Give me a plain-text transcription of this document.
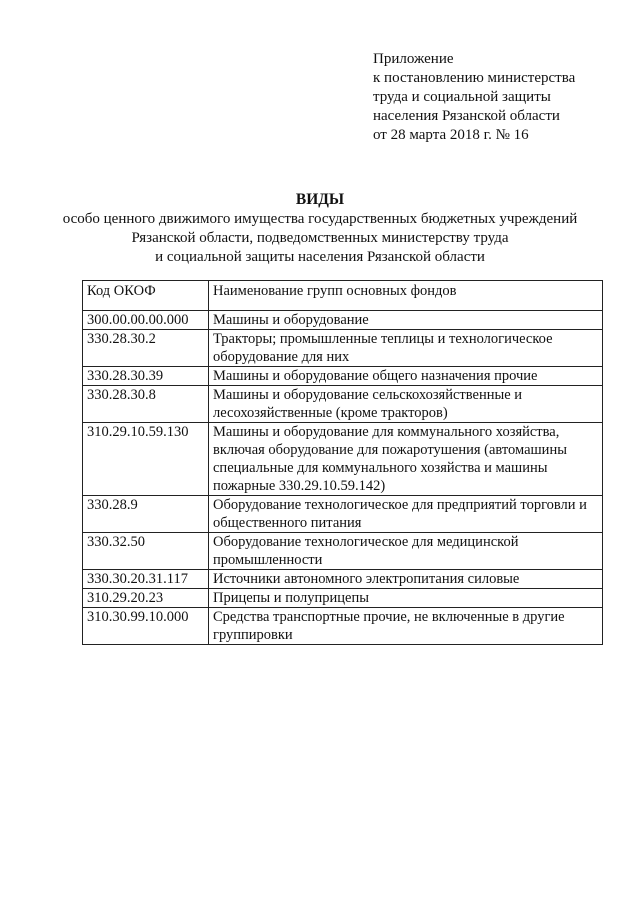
Приложение
к постановлению министерства
труда и социальной защиты
населения Рязанской области
от 28 марта 2018 г. № 16
ВИДЫ
особо ценного движимого имущества государственных бюджетных учреждений
Рязанской области, подведомственных министерству труда
и социальной защиты населения Рязанской области
Код ОКОФ	Наименование групп основных фондов
300.00.00.00.000	Машины и оборудование
330.28.30.2	Тракторы; промышленные теплицы и технологическое оборудование для них
330.28.30.39	Машины и оборудование общего назначения прочие
330.28.30.8	Машины и оборудование сельскохозяйственные и лесохозяйственные (кроме тракторов)
310.29.10.59.130	Машины и оборудование для коммунального хозяйства, включая оборудование для пожаротушения (автомашины специальные для коммунального хозяйства и машины пожарные 330.29.10.59.142)
330.28.9	Оборудование технологическое для предприятий торговли и общественного питания
330.32.50	Оборудование технологическое для медицинской промышленности
330.30.20.31.117	Источники автономного электропитания силовые
310.29.20.23	Прицепы и полуприцепы
310.30.99.10.000	Средства транспортные прочие, не включенные в другие группировки
